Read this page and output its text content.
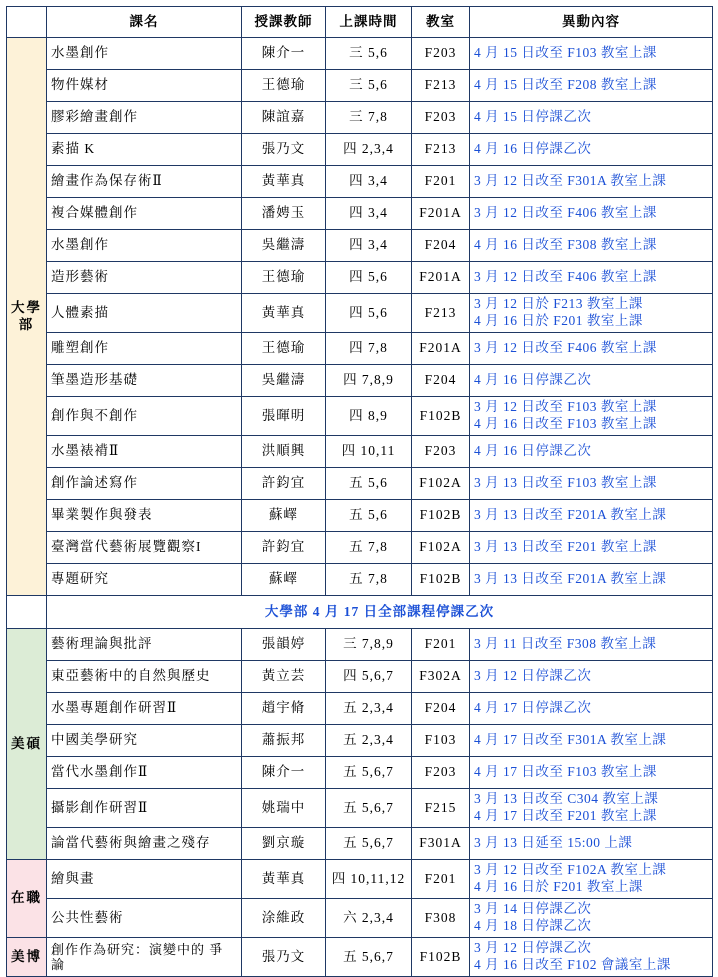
	課名	授課教師	上課時間	教室	異動內容
大學部	水墨創作	陳介一	三 5,6	F203	4 月 15 日改至 F103 教室上課

	物件媒材	王德瑜	三 5,6	F213	4 月 15 日改至 F208 教室上課

	膠彩繪畫創作	陳誼嘉	三 7,8	F203	4 月 15 日停課乙次

	素描 K	張乃文	四 2,3,4	F213	4 月 16 日停課乙次

	繪畫作為保存術Ⅱ	黃華真	四 3,4	F201	3 月 12 日改至 F301A 教室上課

	複合媒體創作	潘娉玉	四 3,4	F201A	3 月 12 日改至 F406 教室上課

	水墨創作	吳繼濤	四 3,4	F204	4 月 16 日改至 F308 教室上課

	造形藝術	王德瑜	四 5,6	F201A	3 月 12 日改至 F406 教室上課

	人體素描	黃華真	四 5,6	F213	3 月 12 日於 F213 教室上課
4 月 16 日於 F201 教室上課

	雕塑創作	王德瑜	四 7,8	F201A	3 月 12 日改至 F406 教室上課

	筆墨造形基礎	吳繼濤	四 7,8,9	F204	4 月 16 日停課乙次

	創作與不創作	張暉明	四 8,9	F102B	3 月 12 日改至 F103 教室上課
4 月 16 日改至 F103 教室上課

	水墨裱褙Ⅱ	洪順興	四 10,11	F203	4 月 16 日停課乙次

	創作論述寫作	許鈞宜	五 5,6	F102A	3 月 13 日改至 F103 教室上課

	畢業製作與發表	蘇嶧	五 5,6	F102B	3 月 13 日改至 F201A 教室上課

	臺灣當代藝術展覽觀察I	許鈞宜	五 7,8	F102A	3 月 13 日改至 F201 教室上課

	專題研究	蘇嶧	五 7,8	F102B	3 月 13 日改至 F201A 教室上課

	大學部 4 月 17 日全部課程停課乙次				
美碩	藝術理論與批評	張韻婷	三 7,8,9	F201	3 月 11 日改至 F308 教室上課

	東亞藝術中的自然與歷史	黃立芸	四 5,6,7	F302A	3 月 12 日停課乙次

	水墨專題創作研習Ⅱ	趙宇脩	五 2,3,4	F204	4 月 17 日停課乙次

	中國美學研究	蕭振邦	五 2,3,4	F103	4 月 17 日改至 F301A 教室上課

	當代水墨創作Ⅱ	陳介一	五 5,6,7	F203	4 月 17 日改至 F103 教室上課

	攝影創作研習Ⅱ	姚瑞中	五 5,6,7	F215	3 月 13 日改至 C304 教室上課
4 月 17 日改至 F201 教室上課

	論當代藝術與繪畫之殘存	劉京璇	五 5,6,7	F301A	3 月 13 日延至 15:00 上課

在職	繪與畫	黃華真	四 10,11,12	F201	3 月 12 日改至 F102A 教室上課
4 月 16 日於 F201 教室上課

	公共性藝術	涂維政	六 2,3,4	F308	3 月 14 日停課乙次
4 月 18 日停課乙次

美博	創作作為研究：演變中的 爭論	張乃文	五 5,6,7	F102B	3 月 12 日停課乙次
4 月 16 日改至 F102 會議室上課
